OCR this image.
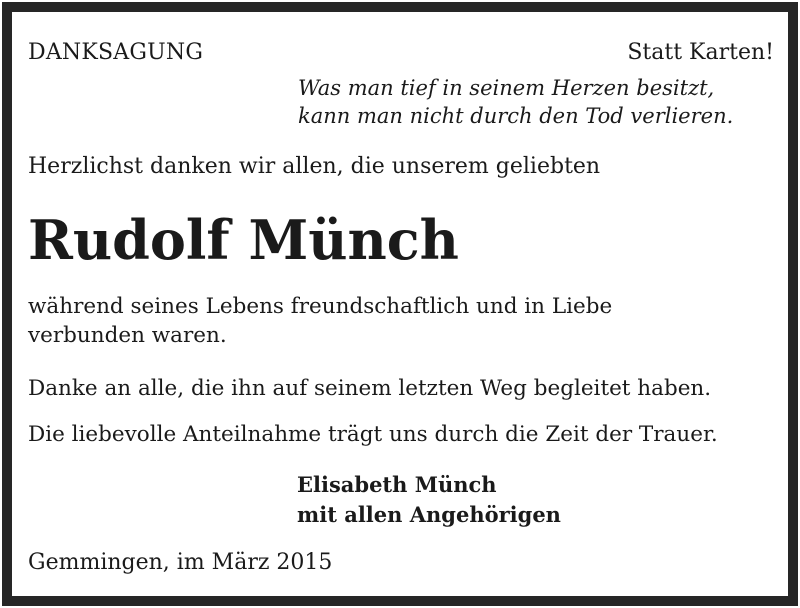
DANKSAGUNG	Statt Karten!

Was man tief in seinem Herzen besitzt,
kann man nicht durch den Tod verlieren.

Herzlichst danken wir allen, die unserem geliebten

Rudolf Münch
während seines Lebens freundschaftlich und in Liebe
verbunden waren.

Danke an alle, die ihn auf seinem letzten Weg begleitet haben.

Die liebevolle Anteilnahme trägt uns durch die Zeit der Trauer.

Elisabeth Münch
mit allen Angehörigen

Gemmingen, im März 2015
